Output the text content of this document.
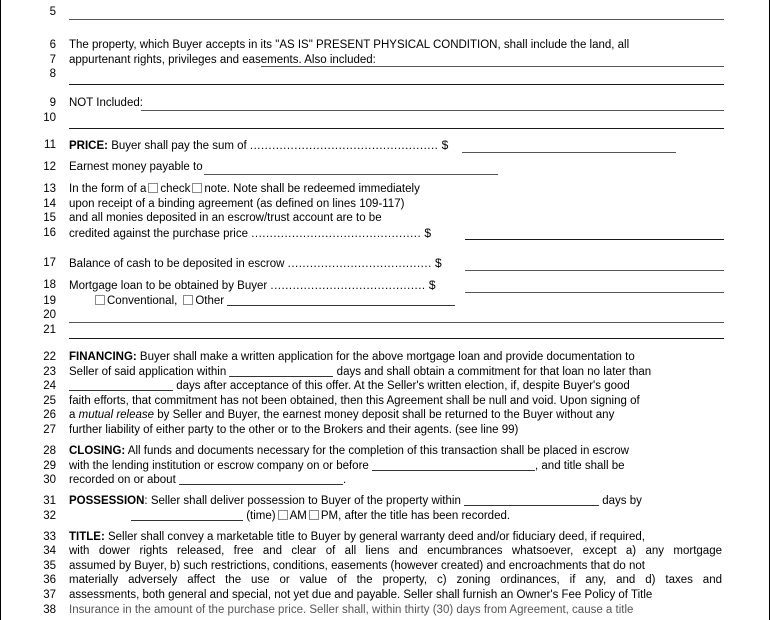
5
6 The property, which Buyer accepts in its "AS IS" PRESENT PHYSICAL CONDITION, shall include the land, all
7 appurtenant rights, privileges and easements. Also included:
8
9 NOT Included:
10
11 PRICE: Buyer shall pay the sum of ................................................... $
12 Earnest money payable to
13 In the form of a check note. Note shall be redeemed immediately
14 upon receipt of a binding agreement (as defined on lines 109-117)
15 and all monies deposited in an escrow/trust account are to be
16 credited against the purchase price .............................................. $
17 Balance of cash to be deposited in escrow ....................................... $
18 Mortgage loan to be obtained by Buyer .......................................... $
19	Conventional, Other
20
21
22 FINANCING: Buyer shall make a written application for the above mortgage loan and provide documentation to
23 Seller of said application within	days and shall obtain a commitment for that loan no later than
24	days after acceptance of this offer. At the Seller's written election, if, despite Buyer's good
25 faith efforts, that commitment has not been obtained, then this Agreement shall be null and void. Upon signing of
26 a mutual release by Seller and Buyer, the earnest money deposit shall be returned to the Buyer without any
27 further liability of either party to the other or to the Brokers and their agents. (see line 99)
28 CLOSING: All funds and documents necessary for the completion of this transaction shall be placed in escrow
29 with the lending institution or escrow company on or before	, and title shall be
30 recorded on or about	.
31 POSSESSION: Seller shall deliver possession to Buyer of the property within	days by
32	(time) AM PM, after the title has been recorded.
33 TITLE: Seller shall convey a marketable title to Buyer by general warranty deed and/or fiduciary deed, if required,
34 with dower rights released, free and clear of all liens and encumbrances whatsoever, except a) any mortgage
35 assumed by Buyer, b) such restrictions, conditions, easements (however created) and encroachments that do not
36 materially adversely affect the use or value of the property, c) zoning ordinances, if any, and d) taxes and
37 assessments, both general and special, not yet due and payable. Seller shall furnish an Owner's Fee Policy of Title
38 Insurance in the amount of the purchase price. Seller shall, within thirty (30) days from Agreement, cause a title
